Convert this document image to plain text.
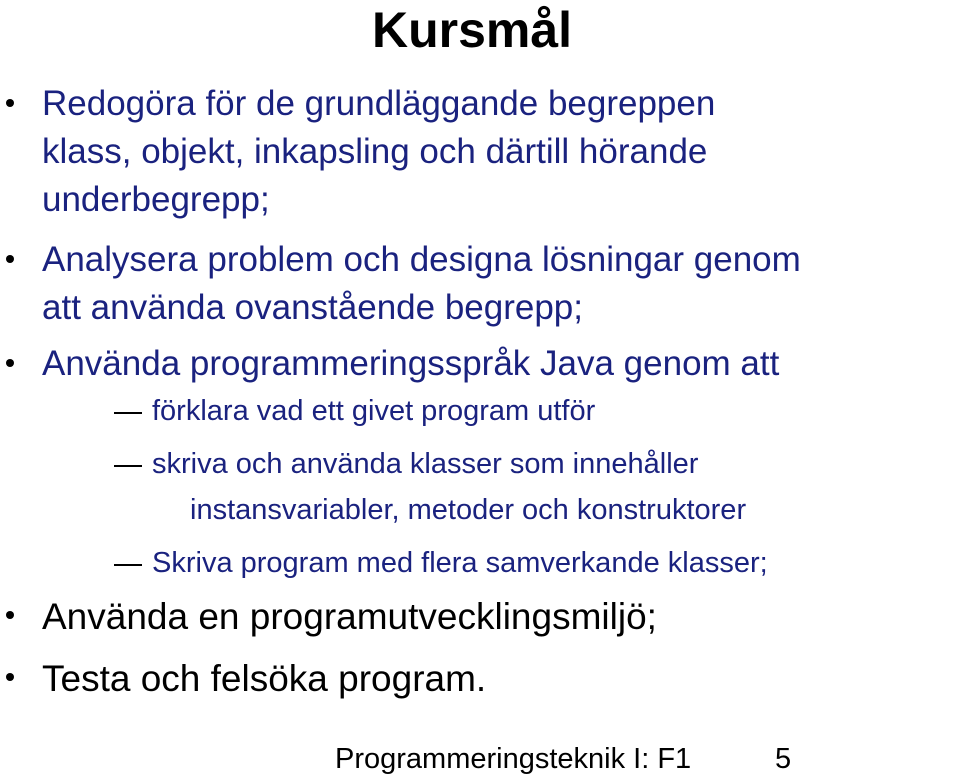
Kursmål
Redogöra för de grundläggande begreppen
klass, objekt, inkapsling och därtill hörande
underbegrepp;
Analysera problem och designa lösningar genom
att använda ovanstående begrepp;
Använda programmeringsspråk Java genom att
förklara vad ett givet program utför
skriva och använda klasser som innehåller
instansvariabler, metoder och konstruktorer
Skriva program med flera samverkande klasser;
Använda en programutvecklingsmiljö;
Testa och felsöka program.
Programmeringsteknik I: F1	5
